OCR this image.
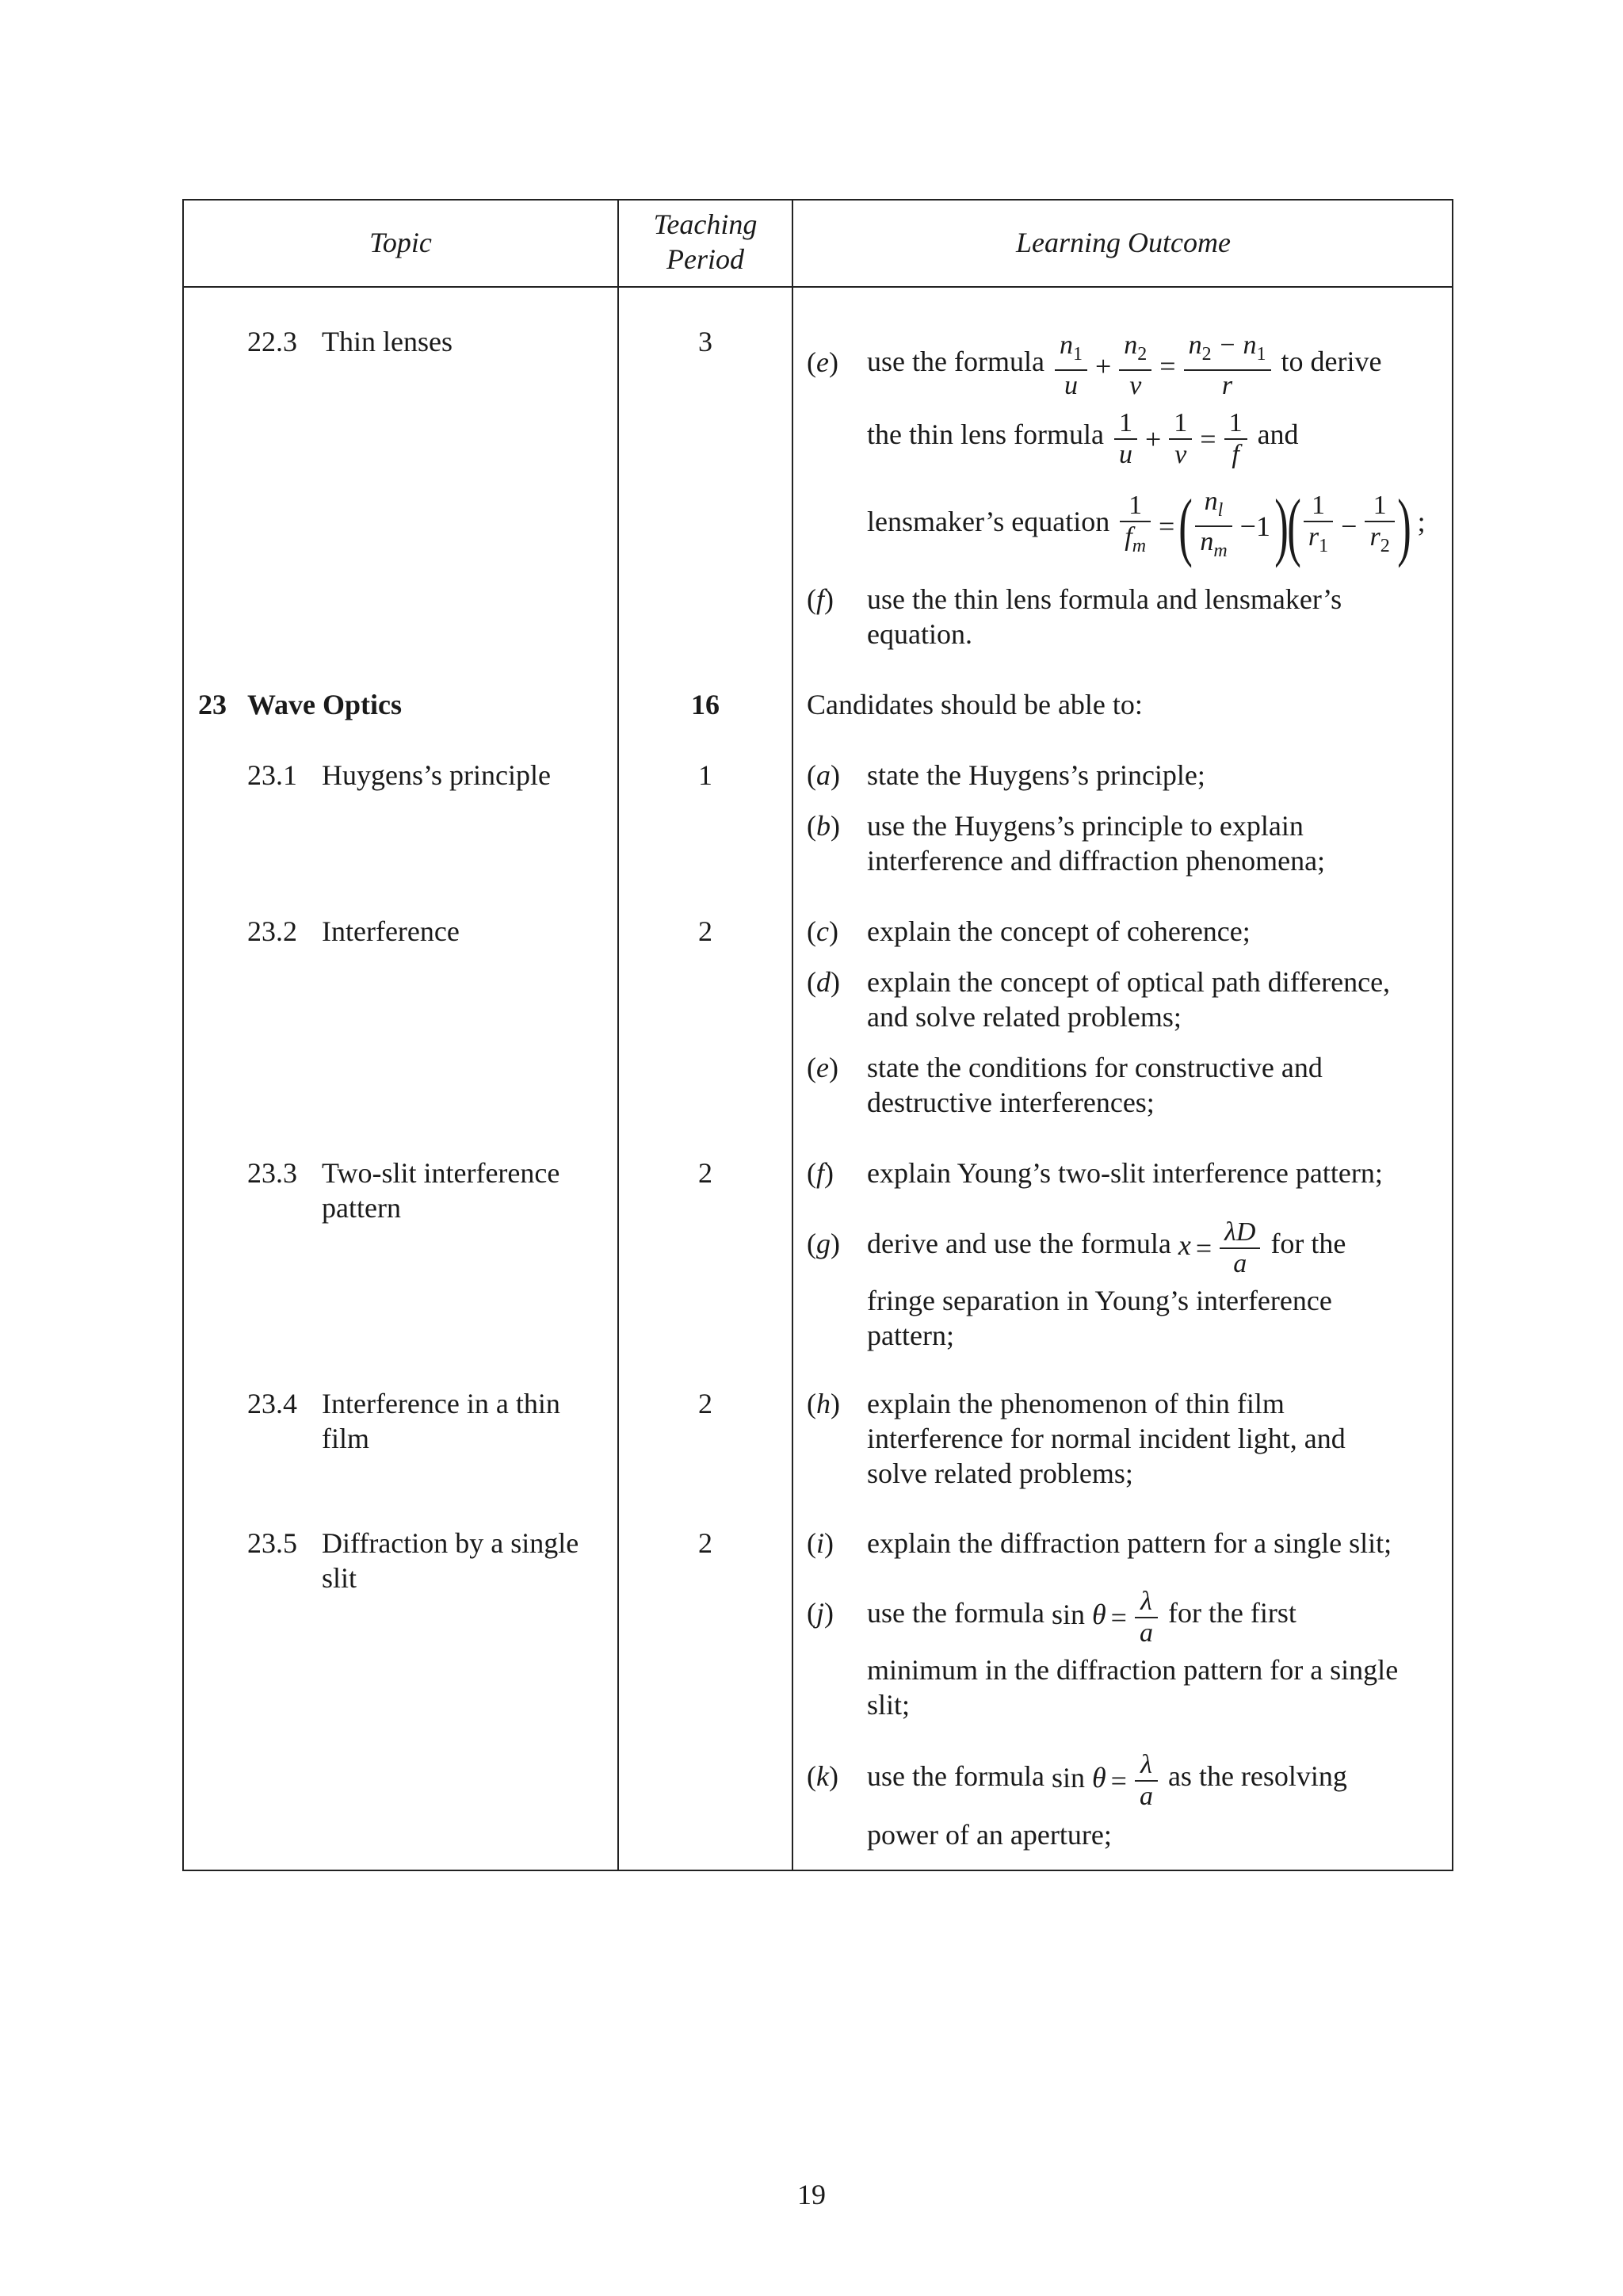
Topic
Teaching
Period
Learning Outcome
22.3 Thin lenses
23 Wave Optics
23.1 Huygens’s principle
23.2 Interference
23.3 Two-slit interference
pattern
23.4 Interference in a thin
film
23.5 Diffraction by a single
slit
3
16
1
2
2
2
2
(e) use the formula $\frac{n_1}{u} + \frac{n_2}{v} = \frac{n_2 - n_1}{r}$ to derive
the thin lens formula $\frac{1}{u} + \frac{1}{v} = \frac{1}{f}$ and
lensmaker’s equation $\frac{1}{f_m}$ =( $\frac{n_l}{n_m} -1)( \frac{1}{r_1} - \frac{1}{r_2}$ ) ;
(f) use the thin lens formula and lensmaker’s
equation.
Candidates should be able to:
(a) state the Huygens’s principle;
(b) use the Huygens’s principle to explain
interference and diffraction phenomena;
(c) explain the concept of coherence;
(d) explain the concept of optical path difference,
and solve related problems;
(e) state the conditions for constructive and
destructive interferences;
(f) explain Young’s two-slit interference pattern;
(g) derive and use the formula $x = \frac{\lambda D}{a}$ for the
fringe separation in Young’s interference
pattern;
(h) explain the phenomenon of thin film
interference for normal incident light, and
solve related problems;
(i) explain the diffraction pattern for a single slit;
(j) use the formula $\sin \theta = \frac{\lambda}{a}$ for the first
minimum in the diffraction pattern for a single
slit;
(k) use the formula $\sin \theta = \frac{\lambda}{a}$ as the resolving
power of an aperture;
19
